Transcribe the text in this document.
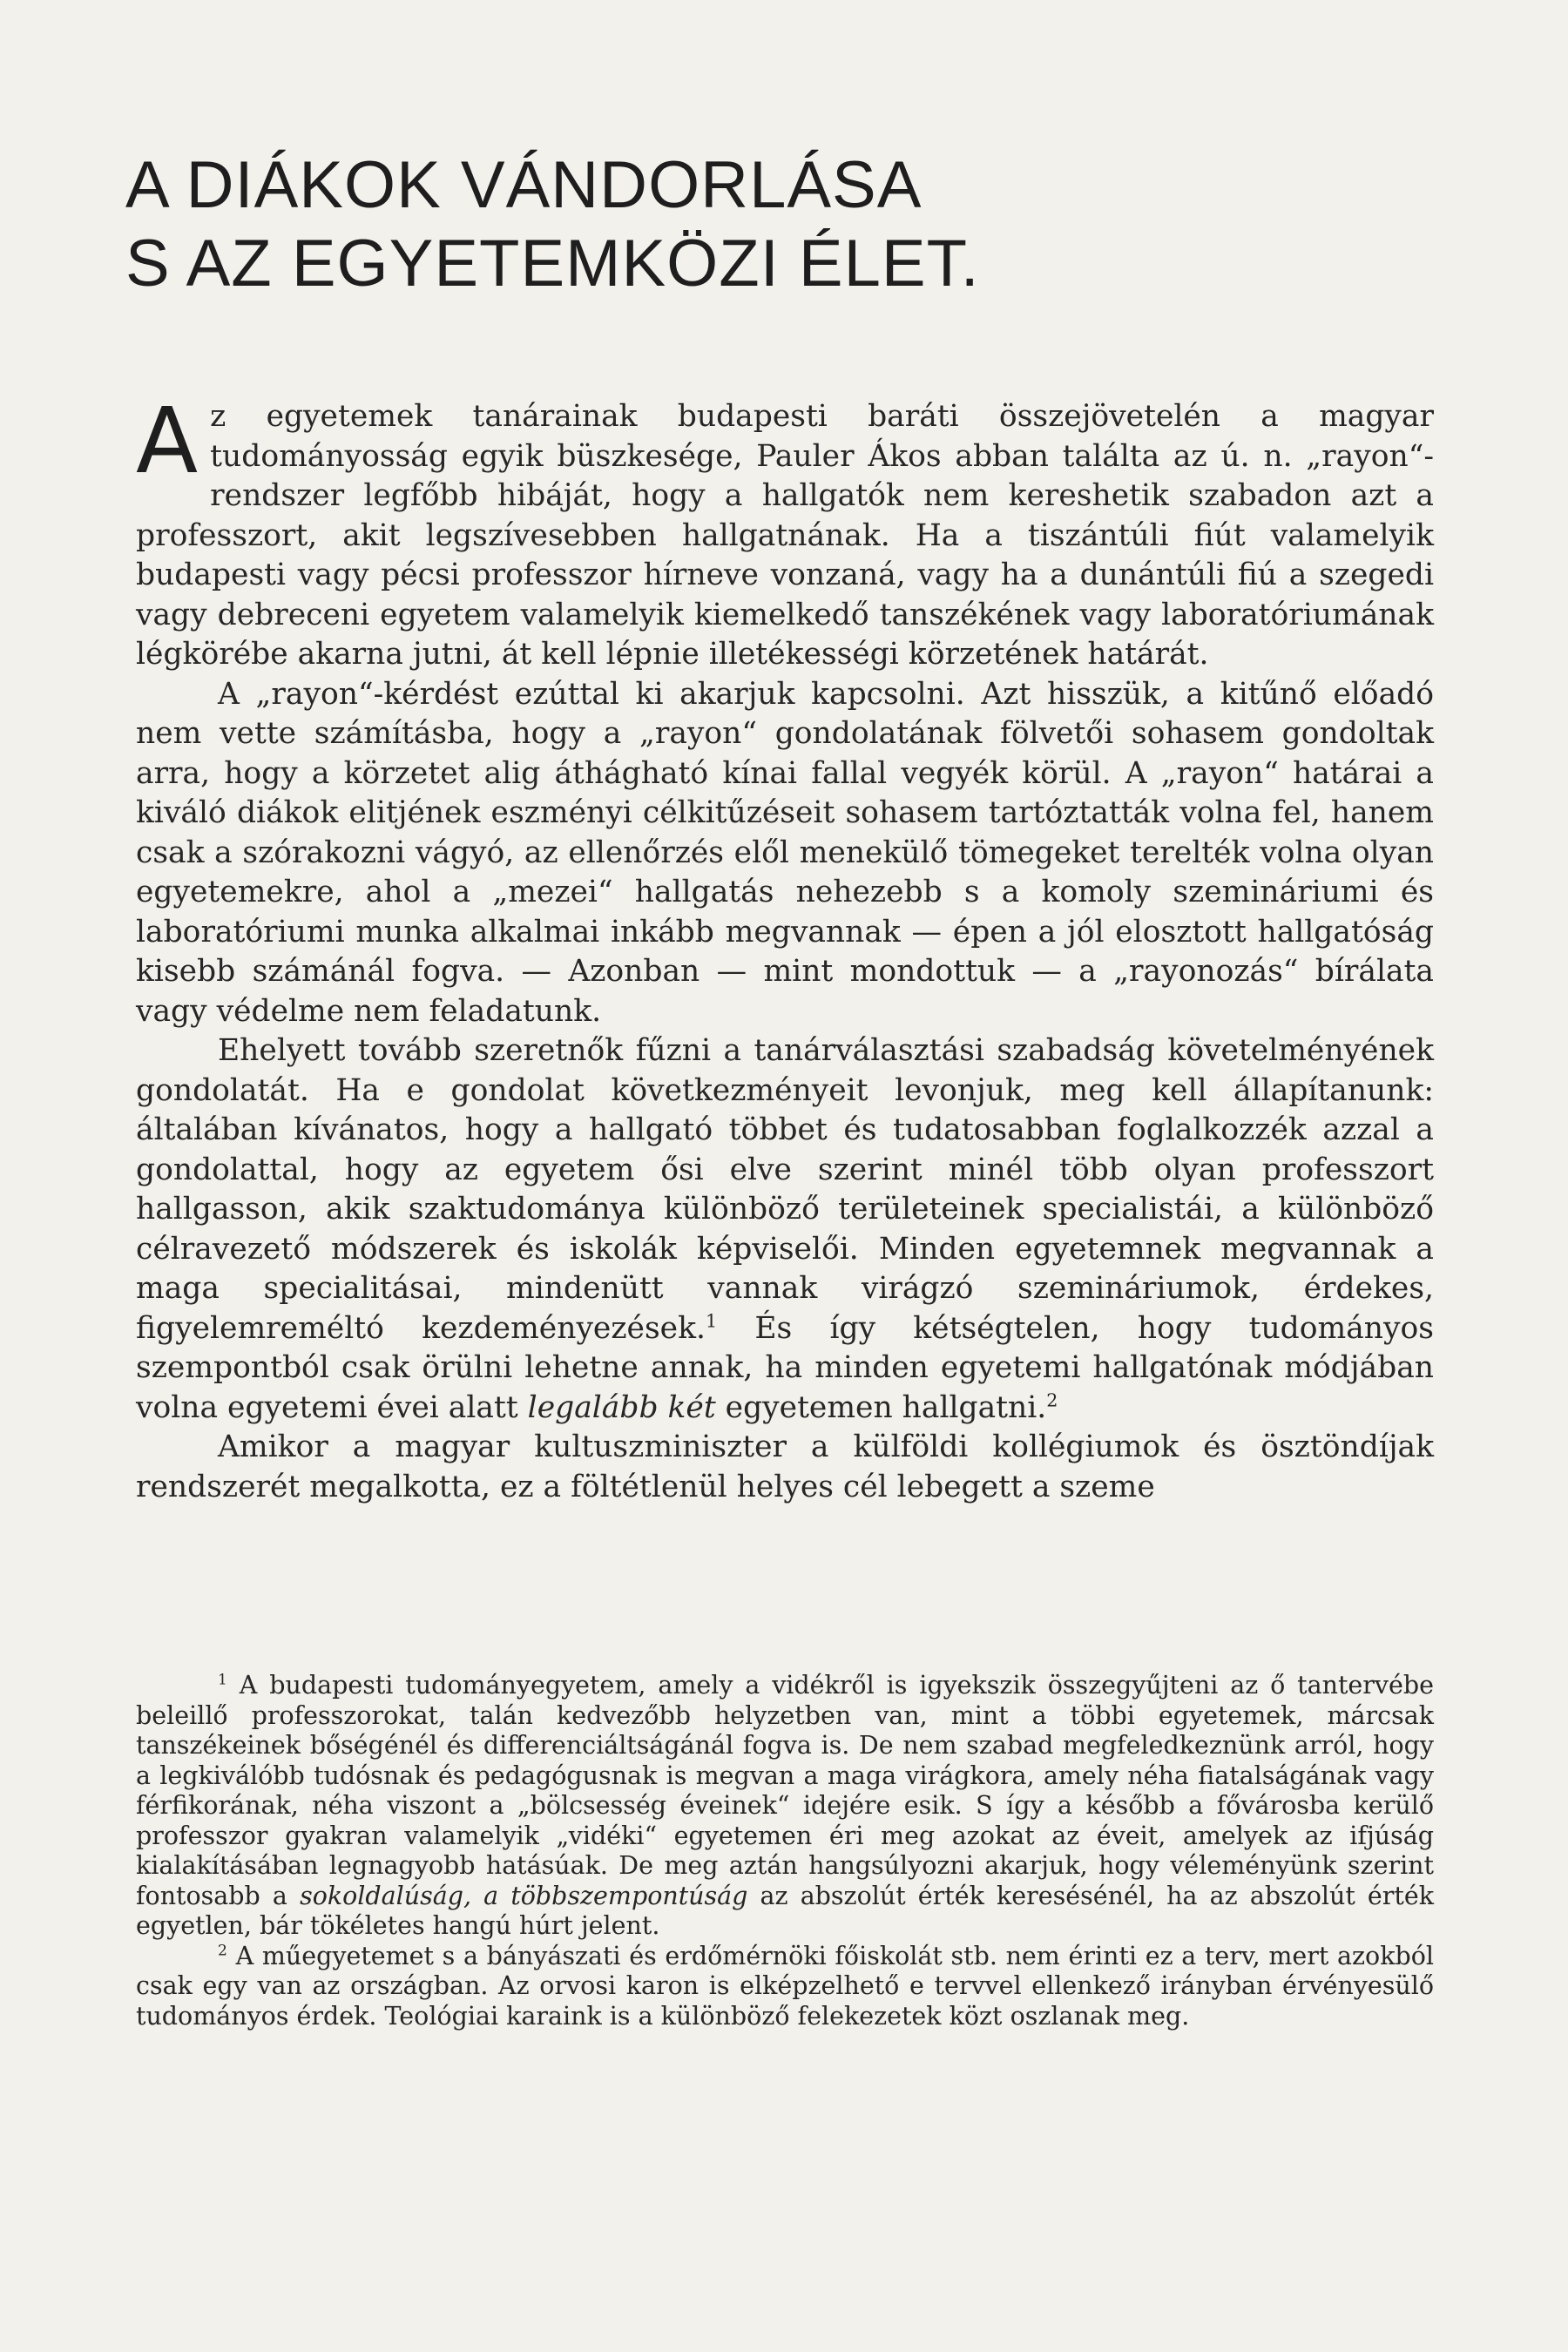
A DIÁKOK VÁNDORLÁSA
S AZ EGYETEMKÖZI ÉLET.

Az egyetemek tanárainak budapesti baráti összejövetelén a magyar tudományosság egyik büszkesége, Pauler Ákos abban találta az ú. n. „rayon“-rendszer legfőbb hibáját, hogy a hallgatók nem kereshetik szabadon azt a professzort, akit legszívesebben hallgatnának. Ha a tiszántúli fiút valamelyik budapesti vagy pécsi professzor hírneve vonzaná, vagy ha a dunántúli fiú a szegedi vagy debreceni egyetem valamelyik kiemelkedő tanszékének vagy laboratóriumának légkörébe akarna jutni, át kell lépnie illetékességi körzetének határát.

A „rayon“-kérdést ezúttal ki akarjuk kapcsolni. Azt hisszük, a kitűnő előadó nem vette számításba, hogy a „rayon“ gondolatának fölvetői sohasem gondoltak arra, hogy a körzetet alig áthágható kínai fallal vegyék körül. A „rayon“ határai a kiváló diákok elitjének eszményi célkitűzéseit sohasem tartóztatták volna fel, hanem csak a szórakozni vágyó, az ellenőrzés elől menekülő tömegeket terelték volna olyan egyetemekre, ahol a „mezei“ hallgatás nehezebb s a komoly szemináriumi és laboratóriumi munka alkalmai inkább megvannak — épen a jól elosztott hallgatóság kisebb számánál fogva. — Azonban — mint mondottuk — a „rayonozás“ bírálata vagy védelme nem feladatunk.

Ehelyett tovább szeretnők fűzni a tanárválasztási szabadság követelményének gondolatát. Ha e gondolat következményeit levonjuk, meg kell állapítanunk: általában kívánatos, hogy a hallgató többet és tudatosabban foglalkozzék azzal a gondolattal, hogy az egyetem ősi elve szerint minél több olyan professzort hallgasson, akik szaktudománya különböző területeinek specialistái, a különböző célravezető módszerek és iskolák képviselői. Minden egyetemnek megvannak a maga specialitásai, mindenütt vannak virágzó szemináriumok, érdekes, figyelemreméltó kezdeményezések.$^1$ És így kétségtelen, hogy tudományos szempontból csak örülni lehetne annak, ha minden egyetemi hallgatónak módjában volna egyetemi évei alatt legalább két egyetemen hallgatni.$^2$

Amikor a magyar kultuszminiszter a külföldi kollégiumok és ösztöndíjak rendszerét megalkotta, ez a föltétlenül helyes cél lebegett a szeme

$^1$ A budapesti tudományegyetem, amely a vidékről is igyekszik összegyűjteni az ő tantervébe beleillő professzorokat, talán kedvezőbb helyzetben van, mint a többi egyetemek, márcsak tanszékeinek bőségénél és differenciáltságánál fogva is. De nem szabad megfeledkeznünk arról, hogy a legkiválóbb tudósnak és pedagógusnak is megvan a maga virágkora, amely néha fiatalságának vagy férfikorának, néha viszont a „bölcsesség éveinek“ idejére esik. S így a később a fővárosba kerülő professzor gyakran valamelyik „vidéki“ egyetemen éri meg azokat az éveit, amelyek az ifjúság kialakításában legnagyobb hatásúak. De meg aztán hangsúlyozni akarjuk, hogy véleményünk szerint fontosabb a sokoldalúság, a többszempontúság az abszolút érték keresésénél, ha az abszolút érték egyetlen, bár tökéletes hangú húrt jelent.

$^2$ A műegyetemet s a bányászati és erdőmérnöki főiskolát stb. nem érinti ez a terv, mert azokból csak egy van az országban. Az orvosi karon is elképzelhető e tervvel ellenkező irányban érvényesülő tudományos érdek. Teológiai karaink is a különböző felekezetek közt oszlanak meg.
